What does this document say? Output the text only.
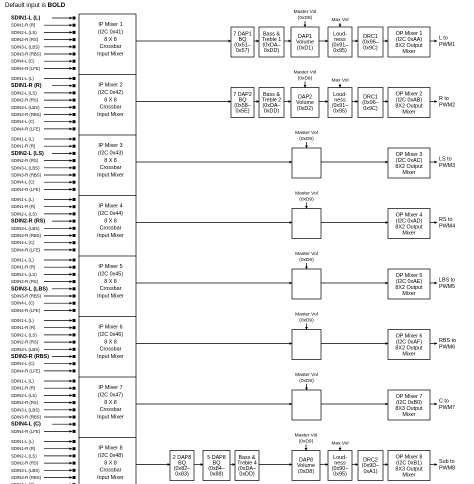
Default input is BOLD
SDIN1-L (L)
SDIN1-R (R)
SDIN2-L (LS)
SDIN2-R (RS)
SDIN3-L (LBS)
SDIN3-R (RBS)
SDIN4-L (C)
SDIN4-R (LFE)
IP Mixer 1
(I2C 0x41)
8 X 8
Crossbar
Input Mixer
7 DAP1
BQ
(0x51–
0x57)
Bass &
Treble 1
(0xDA–
0xDD)
DAP1
Volume
(0xD1)
Master Vol
(0xD9)
Loud-
ness
(0x91–
0x95)
Max Vol
DRC1
(0x96–
0x9C)
OP Mixer 1
(I2C 0xAA)
8X2 Output
Mixer
L to
PWM1
SDIN1-L (L)
SDIN1-R (R)
SDIN2-L (LS)
SDIN2-R (RS)
SDIN3-L (LBS)
SDIN3-R (RBS)
SDIN4-L (C)
SDIN4-R (LFE)
IP Mixer 2
(I2C 0x42)
8 X 8
Crossbar
Input Mixer
7 DAP2
BQ
(0x58–
0x5E)
Bass &
Treble 2
(0xDA–
0xDD)
DAP2
Volume
(0xD2)
Master Vol
(0xD9)
Loud-
ness
(0x91–
0x95)
Max Vol
DRC1
(0x96–
0x9C)
OP Mixer 2
(I2C 0xAB)
8X2 Output
Mixer
R to
PWM2
SDIN1-L (L)
SDIN1-R (R)
SDIN2-L (LS)
SDIN2-R (RS)
SDIN3-L (LBS)
SDIN3-R (RBS)
SDIN4-L (C)
SDIN4-R (LFE)
IP Mixer 3
(I2C 0x43)
8 X 8
Crossbar
Input Mixer
Master Vol
(0xD9)
OP Mixer 3
(I2C 0xAC)
8X2 Output
Mixer
LS to
PWM3
SDIN1-L (L)
SDIN1-R (R)
SDIN2-L (LS)
SDIN2-R (RS)
SDIN3-L (LBS)
SDIN3-R (RBS)
SDIN4-L (C)
SDIN4-R (LFE)
IP Mixer 4
(I2C 0x44)
8 X 8
Crossbar
Input Mixer
Master Vol
(0xD9)
OP Mixer 4
(I2C 0xAD)
8X2 Output
Mixer
RS to
PWM4
SDIN1-L (L)
SDIN1-R (R)
SDIN2-L (LS)
SDIN2-R (RS)
SDIN3-L (LBS)
SDIN3-R (RBS)
SDIN4-L (C)
SDIN4-R (LFE)
IP Mixer 5
(I2C 0x45)
8 X 8
Crossbar
Input Mixer
Master Vol
(0xD9)
OP Mixer 5
(I2C 0xAE)
8X2 Output
Mixer
LBS to
PWM5
SDIN1-L (L)
SDIN1-R (R)
SDIN2-L (LS)
SDIN2-R (RS)
SDIN3-L (LBS)
SDIN3-R (RBS)
SDIN4-L (C)
SDIN4-R (LFE)
IP Mixer 6
(I2C 0x46)
8 X 8
Crossbar
Input Mixer
Master Vol
(0xD9)
OP Mixer 6
(I2C 0xAF)
8X2 Output
Mixer
RBS to
PWM6
SDIN1-L (L)
SDIN1-R (R)
SDIN2-L (LS)
SDIN2-R (RS)
SDIN3-L (LBS)
SDIN3-R (RBS)
SDIN4-L (C)
SDIN4-R (LFE)
IP Mixer 7
(I2C 0x47)
8 X 8
Crossbar
Input Mixer
Master Vol
(0xD9)
OP Mixer 7
(I2C 0xB0)
8X3 Output
Mixer
C to
PWM7
SDIN1-L (L)
SDIN1-R (R)
SDIN2-L (LS)
SDIN2-R (RS)
SDIN3-L (LBS)
SDIN3-R (RBS)
IP Mixer 8
(I2C 0x48)
8 X 8
Crossbar
Input Mixer
2 DAP8
BQ
(0x82–
0x83)
5 DAP8
BQ
(0x84–
0x88)
Bass &
Treble 4
(0xDA–
0xDD)
DAP8
Volume
(0xD8)
Master Vol
(0xD9)
Loud-
ness
(0x90–
0x95)
Max Vol
DRC2
(0x9D–
0xA1)
OP Mixer 8
(I2C 0xB1)
8X3 Output
Mixer
Sub to
PWM8
